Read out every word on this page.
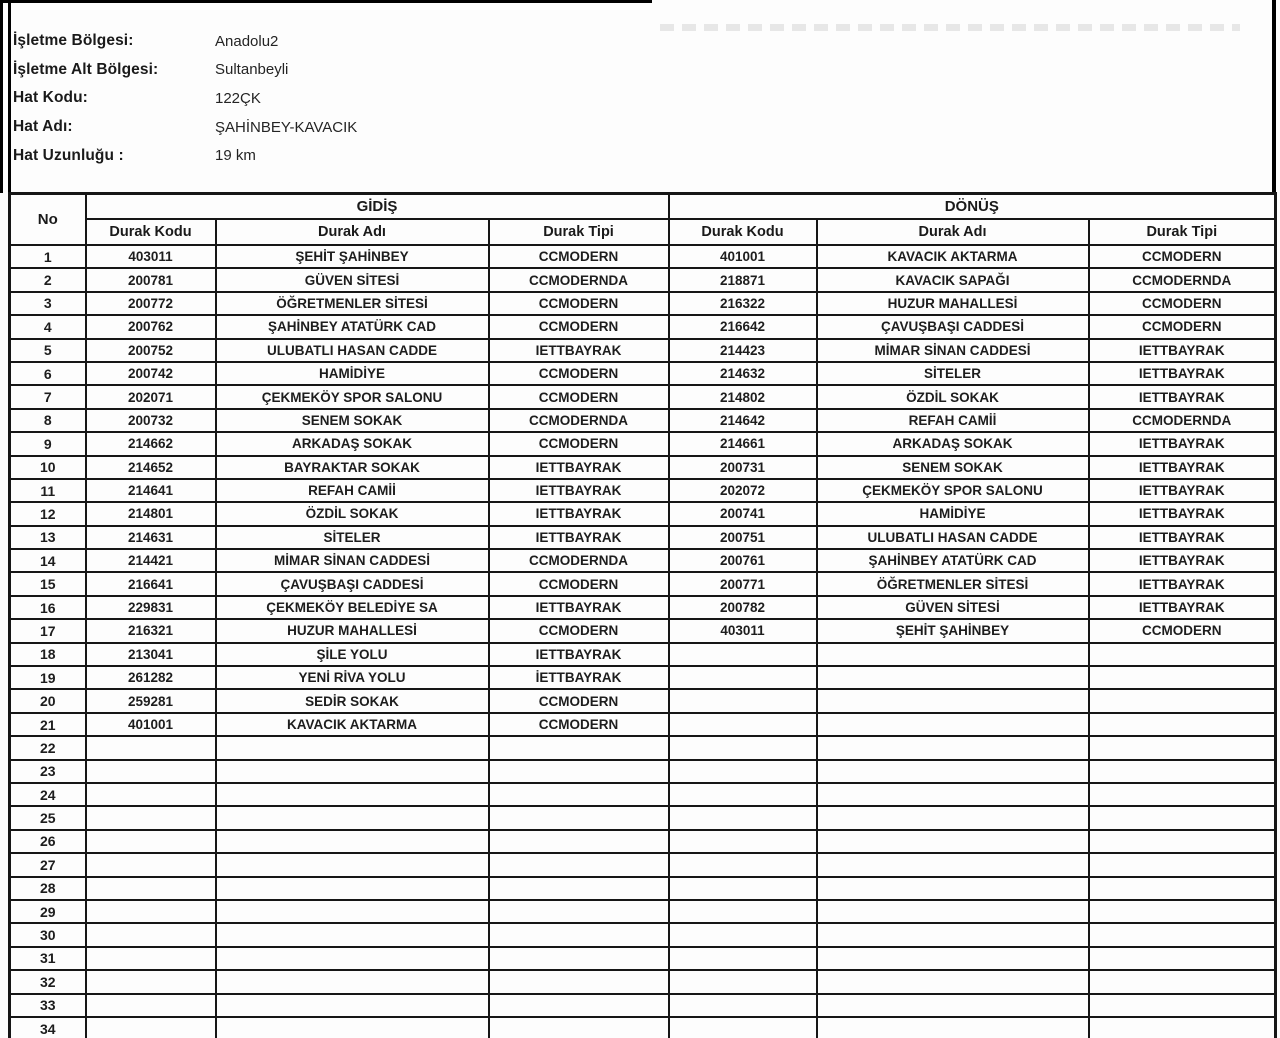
İşletme Bölgesi:	Anadolu2
İşletme Alt Bölgesi:	Sultanbeyli
Hat Kodu:	122ÇK
Hat Adı:	ŞAHİNBEY-KAVACIK
Hat Uzunluğu :	19 km
No	GİDİŞ			DÖNÜŞ		
	Durak Kodu	Durak Adı	Durak Tipi	Durak Kodu	Durak Adı	Durak Tipi
1	403011	ŞEHİT ŞAHİNBEY	CCMODERN	401001	KAVACIK AKTARMA	CCMODERN
2	200781	GÜVEN SİTESİ	CCMODERNDA	218871	KAVACIK SAPAĞI	CCMODERNDA
3	200772	ÖĞRETMENLER SİTESİ	CCMODERN	216322	HUZUR MAHALLESİ	CCMODERN
4	200762	ŞAHİNBEY ATATÜRK CAD	CCMODERN	216642	ÇAVUŞBAŞI CADDESİ	CCMODERN
5	200752	ULUBATLI HASAN CADDE	IETTBAYRAK	214423	MİMAR SİNAN CADDESİ	IETTBAYRAK
6	200742	HAMİDİYE	CCMODERN	214632	SİTELER	IETTBAYRAK
7	202071	ÇEKMEKÖY SPOR SALONU	CCMODERN	214802	ÖZDİL SOKAK	IETTBAYRAK
8	200732	SENEM SOKAK	CCMODERNDA	214642	REFAH CAMİİ	CCMODERNDA
9	214662	ARKADAŞ SOKAK	CCMODERN	214661	ARKADAŞ SOKAK	IETTBAYRAK
10	214652	BAYRAKTAR SOKAK	IETTBAYRAK	200731	SENEM SOKAK	IETTBAYRAK
11	214641	REFAH CAMİİ	IETTBAYRAK	202072	ÇEKMEKÖY SPOR SALONU	IETTBAYRAK
12	214801	ÖZDİL SOKAK	IETTBAYRAK	200741	HAMİDİYE	IETTBAYRAK
13	214631	SİTELER	IETTBAYRAK	200751	ULUBATLI HASAN CADDE	IETTBAYRAK
14	214421	MİMAR SİNAN CADDESİ	CCMODERNDA	200761	ŞAHİNBEY ATATÜRK CAD	IETTBAYRAK
15	216641	ÇAVUŞBAŞI CADDESİ	CCMODERN	200771	ÖĞRETMENLER SİTESİ	IETTBAYRAK
16	229831	ÇEKMEKÖY BELEDİYE SA	IETTBAYRAK	200782	GÜVEN SİTESİ	IETTBAYRAK
17	216321	HUZUR MAHALLESİ	CCMODERN	403011	ŞEHİT ŞAHİNBEY	CCMODERN
18	213041	ŞİLE YOLU	IETTBAYRAK			
19	261282	YENİ RİVA YOLU	İETTBAYRAK			
20	259281	SEDİR SOKAK	CCMODERN			
21	401001	KAVACIK AKTARMA	CCMODERN			
22						
23						
24						
25						
26						
27						
28						
29						
30						
31						
32						
33						
34						
